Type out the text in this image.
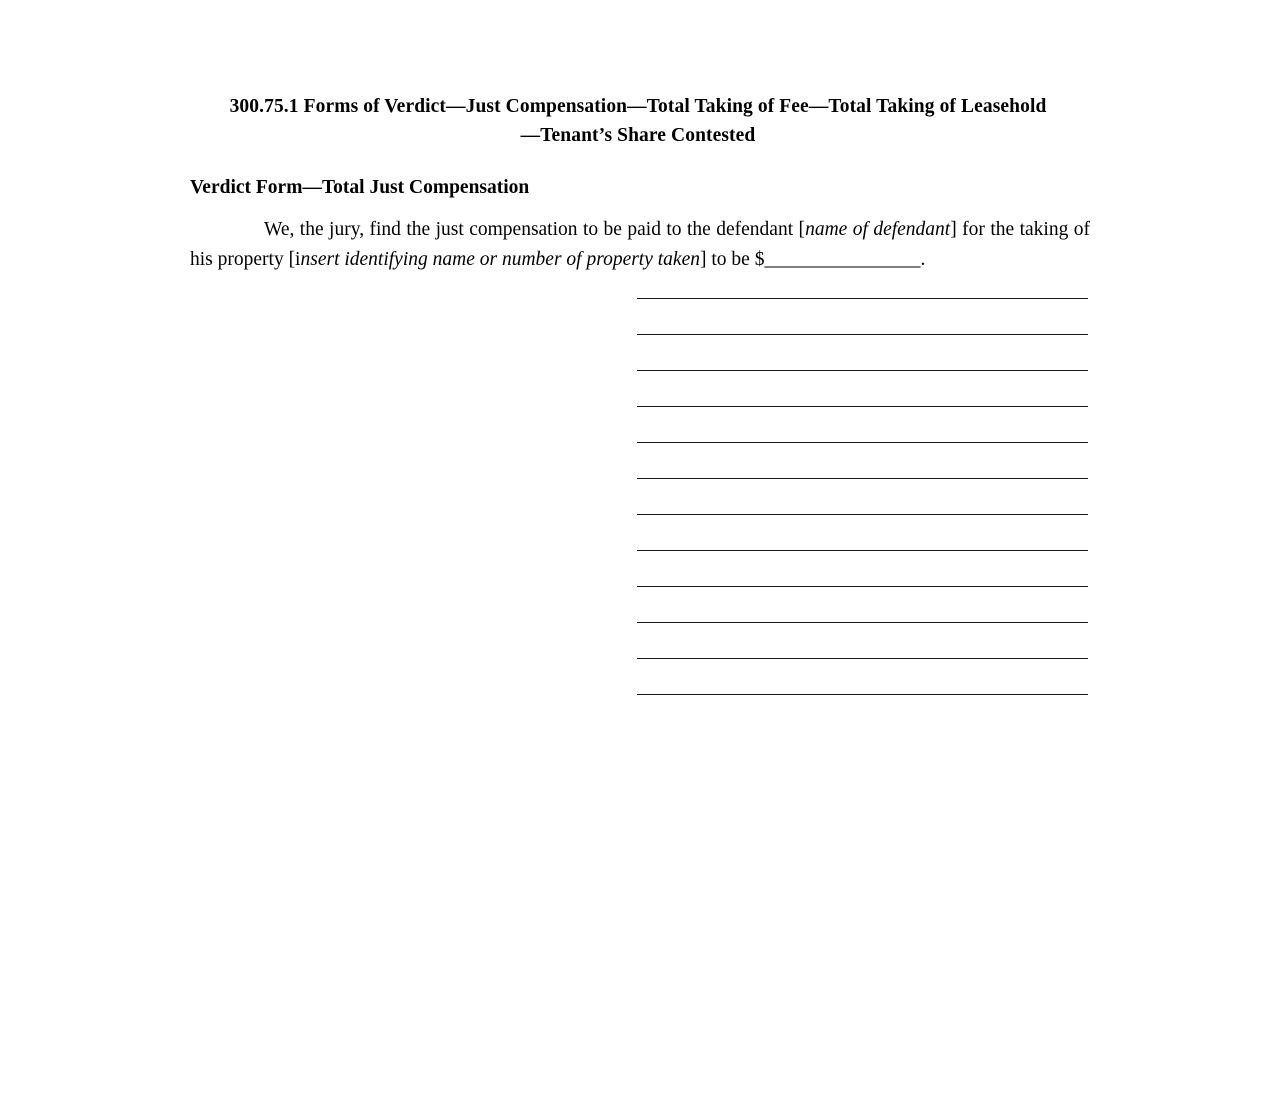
300.75.1 Forms of Verdict—Just Compensation—Total Taking of Fee—Total Taking of Leasehold—Tenant’s Share Contested
Verdict Form—Total Just Compensation

We, the jury, find the just compensation to be paid to the defendant [name of defendant] for the taking of his property [insert identifying name or number of property taken] to be $________________.
